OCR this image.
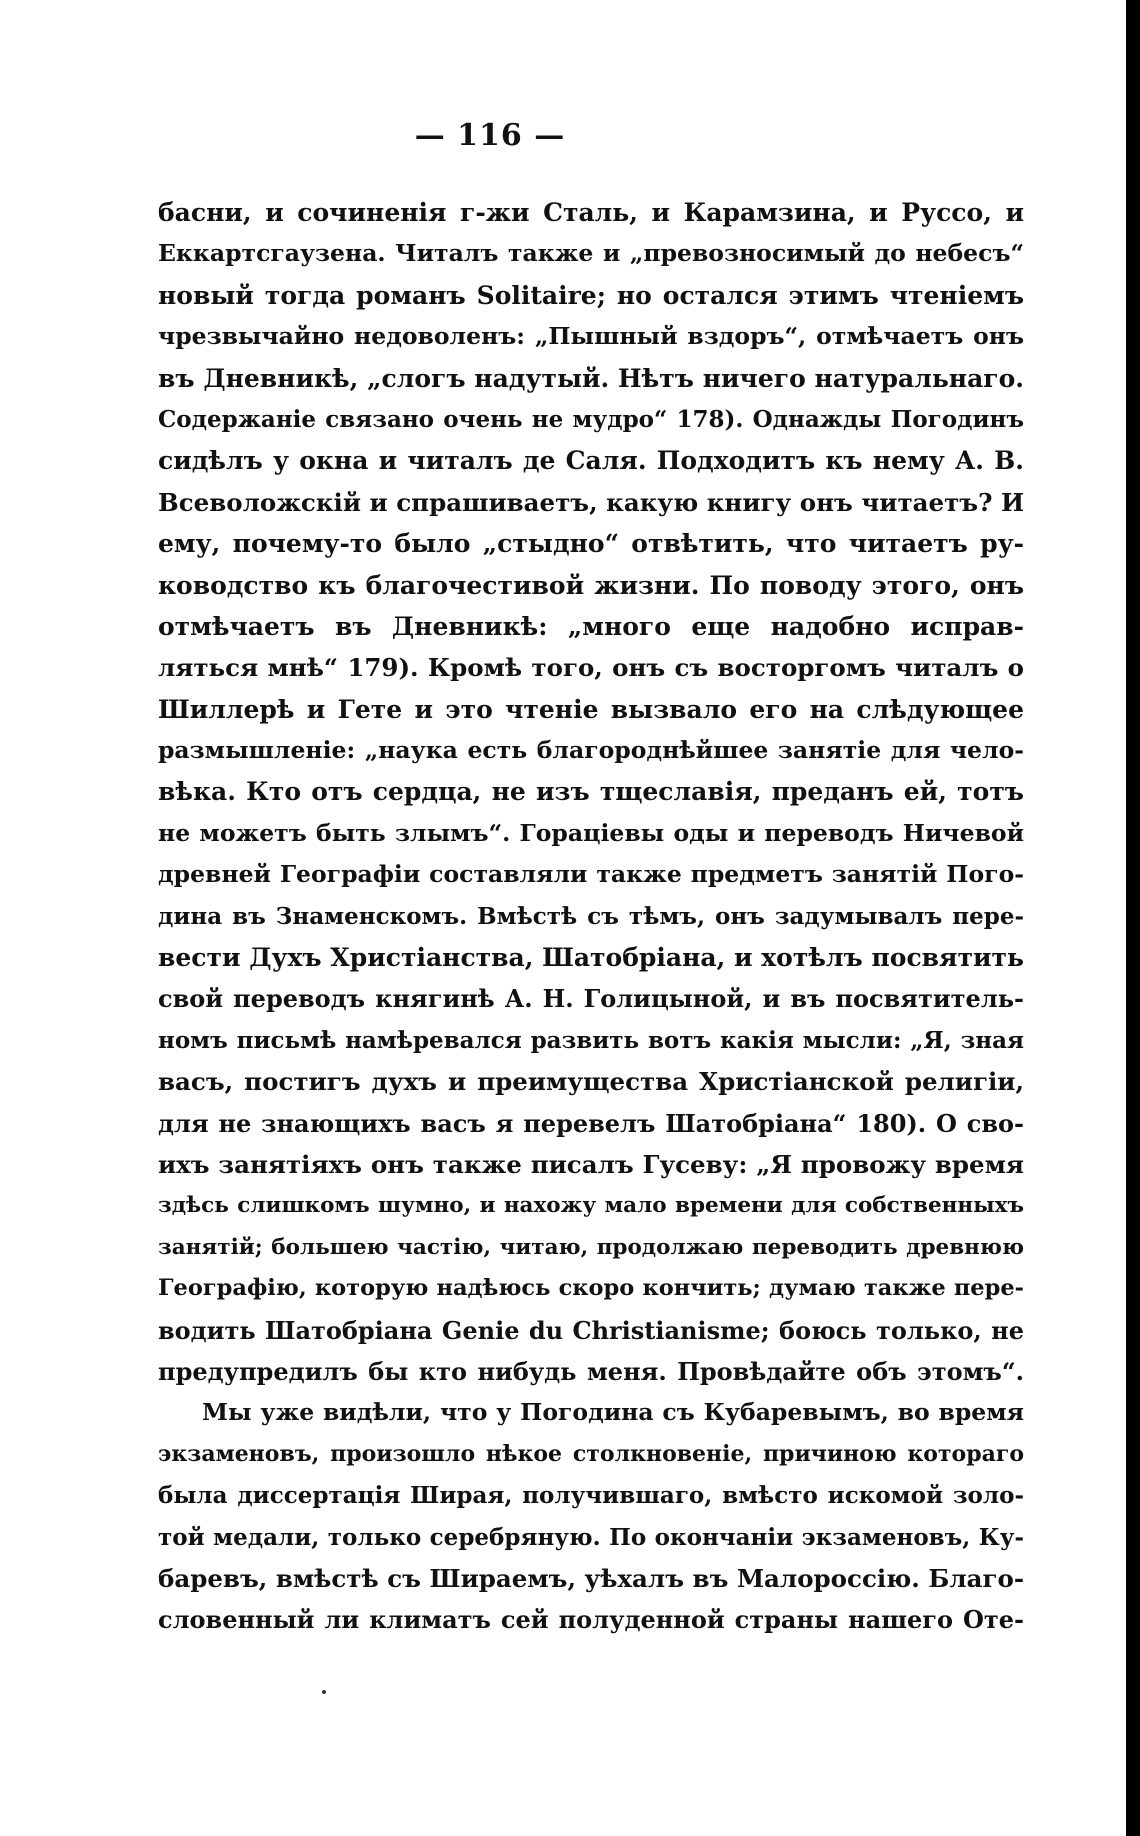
— 116 —
басни, и сочиненія г-жи Сталь, и Карамзина, и Руссо, и
Еккартсгаузена. Читалъ также и „превозносимый до небесъ“
новый тогда романъ Solitaire; но остался этимъ чтеніемъ
чрезвычайно недоволенъ: „Пышный вздоръ“, отмѣчаетъ онъ
въ Дневникѣ, „слогъ надутый. Нѣтъ ничего натуральнаго.
Содержаніе связано очень не мудро“ 178). Однажды Погодинъ
сидѣлъ у окна и читалъ де Саля. Подходитъ къ нему А. В.
Всеволожскій и спрашиваетъ, какую книгу онъ читаетъ? И
ему, почему-то было „стыдно“ отвѣтить, что читаетъ ру-
ководство къ благочестивой жизни. По поводу этого, онъ
отмѣчаетъ въ Дневникѣ: „много еще надобно исправ-
ляться мнѣ“ 179). Кромѣ того, онъ съ восторгомъ читалъ о
Шиллерѣ и Гете и это чтеніе вызвало его на слѣдующее
размышленіе: „наука есть благороднѣйшее занятіе для чело-
вѣка. Кто отъ сердца, не изъ тщеславія, преданъ ей, тотъ
не можетъ быть злымъ“. Гораціевы оды и переводъ Ничевой
древней Географіи составляли также предметъ занятій Пого-
дина въ Знаменскомъ. Вмѣстѣ съ тѣмъ, онъ задумывалъ пере-
вести Духъ Христіанства, Шатобріана, и хотѣлъ посвятить
свой переводъ княгинѣ А. Н. Голицыной, и въ посвятитель-
номъ письмѣ намѣревался развить вотъ какія мысли: „Я, зная
васъ, постигъ духъ и преимущества Христіанской религіи,
для не знающихъ васъ я перевелъ Шатобріана“ 180). О сво-
ихъ занятіяхъ онъ также писалъ Гусеву: „Я провожу время
здѣсь слишкомъ шумно, и нахожу мало времени для собственныхъ
занятій; большею частію, читаю, продолжаю переводить древнюю
Географію, которую надѣюсь скоро кончить; думаю также пере-
водить Шатобріана Genie du Christianisme; боюсь только, не
предупредилъ бы кто нибудь меня. Провѣдайте объ этомъ“.
Мы уже видѣли, что у Погодина съ Кубаревымъ, во время
экзаменовъ, произошло нѣкое столкновеніе, причиною котораго
была диссертація Ширая, получившаго, вмѣсто искомой золо-
той медали, только серебряную. По окончаніи экзаменовъ, Ку-
баревъ, вмѣстѣ съ Шираемъ, уѣхалъ въ Малороссію. Благо-
словенный ли климатъ сей полуденной страны нашего Оте-
